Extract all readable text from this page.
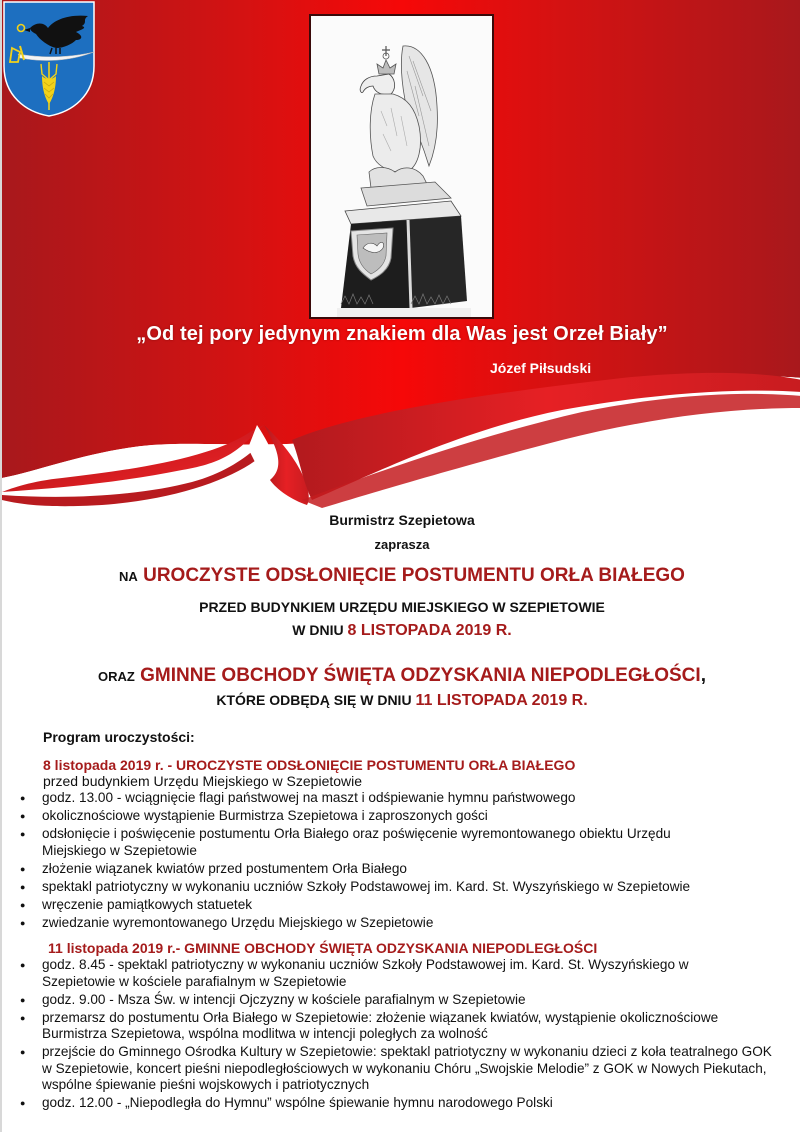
„Od tej pory jedynym znakiem dla Was jest Orzeł Biały”
Józef Piłsudski
Burmistrz Szepietowa
zaprasza
NA UROCZYSTE ODSŁONIĘCIE POSTUMENTU ORŁA BIAŁEGO
PRZED BUDYNKIEM URZĘDU MIEJSKIEGO W SZEPIETOWIE
W DNIU 8 LISTOPADA 2019 R.
ORAZ GMINNE OBCHODY ŚWIĘTA ODZYSKANIA NIEPODLEGŁOŚCI,
KTÓRE ODBĘDĄ SIĘ W DNIU 11 LISTOPADA 2019 R.
Program uroczystości:
8 listopada 2019 r. - UROCZYSTE ODSŁONIĘCIE POSTUMENTU ORŁA BIAŁEGO
przed budynkiem Urzędu Miejskiego w Szepietowie
● godz. 13.00 - wciągnięcie flagi państwowej na maszt i odśpiewanie hymnu państwowego
● okolicznościowe wystąpienie Burmistrza Szepietowa i zaproszonych gości
● odsłonięcie i poświęcenie postumentu Orła Białego oraz poświęcenie wyremontowanego obiektu Urzędu Miejskiego w Szepietowie
● złożenie wiązanek kwiatów przed postumentem Orła Białego
● spektakl patriotyczny w wykonaniu uczniów Szkoły Podstawowej im. Kard. St. Wyszyńskiego w Szepietowie
● wręczenie pamiątkowych statuetek
● zwiedzanie wyremontowanego Urzędu Miejskiego w Szepietowie
11 listopada 2019 r.- GMINNE OBCHODY ŚWIĘTA ODZYSKANIA NIEPODLEGŁOŚCI
● godz. 8.45 - spektakl patriotyczny w wykonaniu uczniów Szkoły Podstawowej im. Kard. St. Wyszyńskiego w Szepietowie w kościele parafialnym w Szepietowie
● godz. 9.00 - Msza Św. w intencji Ojczyzny w kościele parafialnym w Szepietowie
● przemarsz do postumentu Orła Białego w Szepietowie: złożenie wiązanek kwiatów, wystąpienie okolicznościowe Burmistrza Szepietowa, wspólna modlitwa w intencji poległych za wolność
● przejście do Gminnego Ośrodka Kultury w Szepietowie: spektakl patriotyczny w wykonaniu dzieci z koła teatralnego GOK w Szepietowie, koncert pieśni niepodległościowych w wykonaniu Chóru „Swojskie Melodie” z GOK w Nowych Piekutach, wspólne śpiewanie pieśni wojskowych i patriotycznych
● godz. 12.00 - „Niepodległa do Hymnu” wspólne śpiewanie hymnu narodowego Polski
